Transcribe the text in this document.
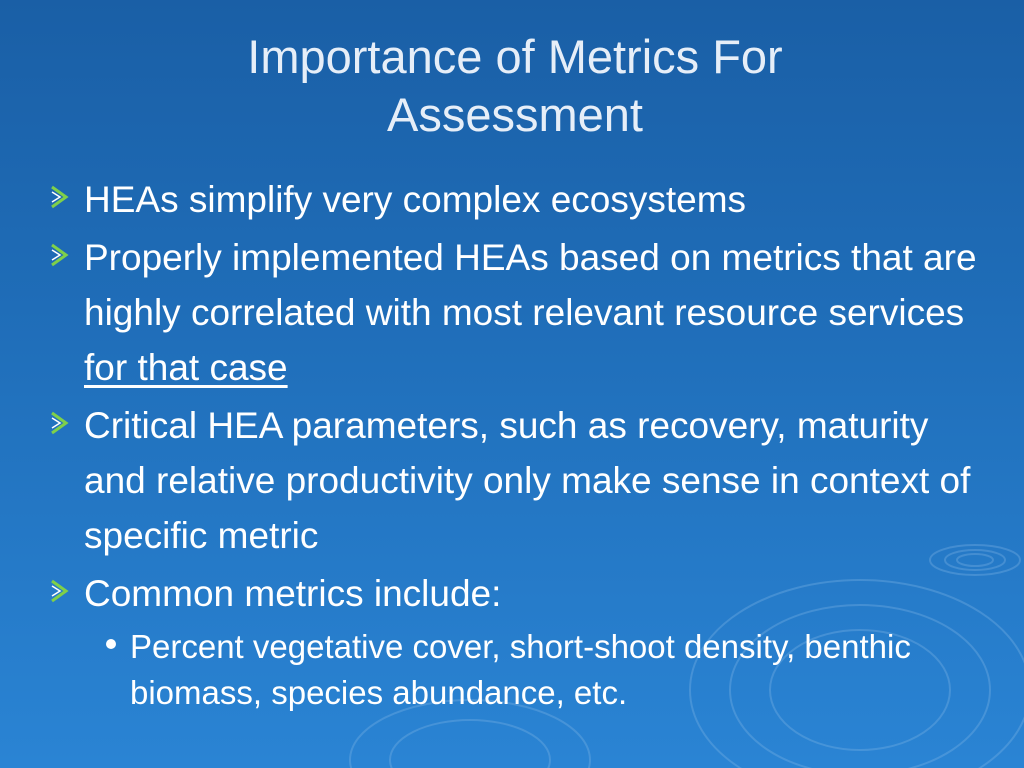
Importance of Metrics For Assessment
HEAs simplify very complex ecosystems
Properly implemented HEAs based on metrics that are highly correlated with most relevant resource services for that case
Critical HEA parameters, such as recovery, maturity and relative productivity only make sense in context of specific metric
Common metrics include:
Percent vegetative cover, short-shoot density, benthic biomass, species abundance, etc.
